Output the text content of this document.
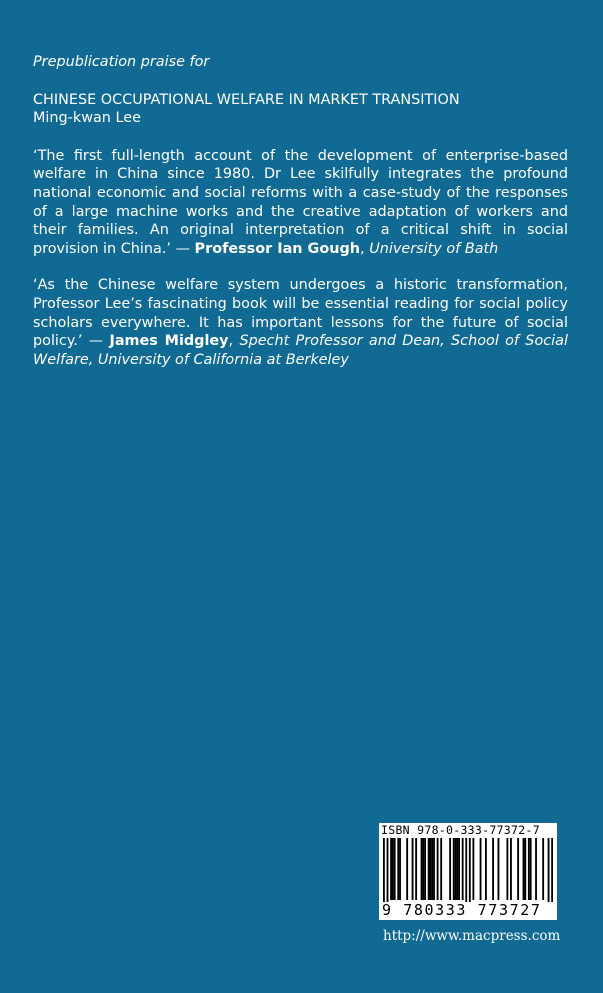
Prepublication praise for

CHINESE OCCUPATIONAL WELFARE IN MARKET TRANSITION

Ming-kwan Lee

‘The first full-length account of the development of enterprise-based welfare in China since 1980. Dr Lee skilfully integrates the profound national economic and social reforms with a case-study of the responses of a large machine works and the creative adaptation of workers and their families. An original interpretation of a critical shift in social provision in China.’ — Professor Ian Gough, University of Bath

‘As the Chinese welfare system undergoes a historic transformation, Professor Lee’s fascinating book will be essential reading for social policy scholars everywhere. It has important lessons for the future of social policy.’ — James Midgley, Specht Professor and Dean, School of Social Welfare, University of California at Berkeley

ISBN 978-0-333-77372-7
9 780333 773727
http://www.macpress.com
